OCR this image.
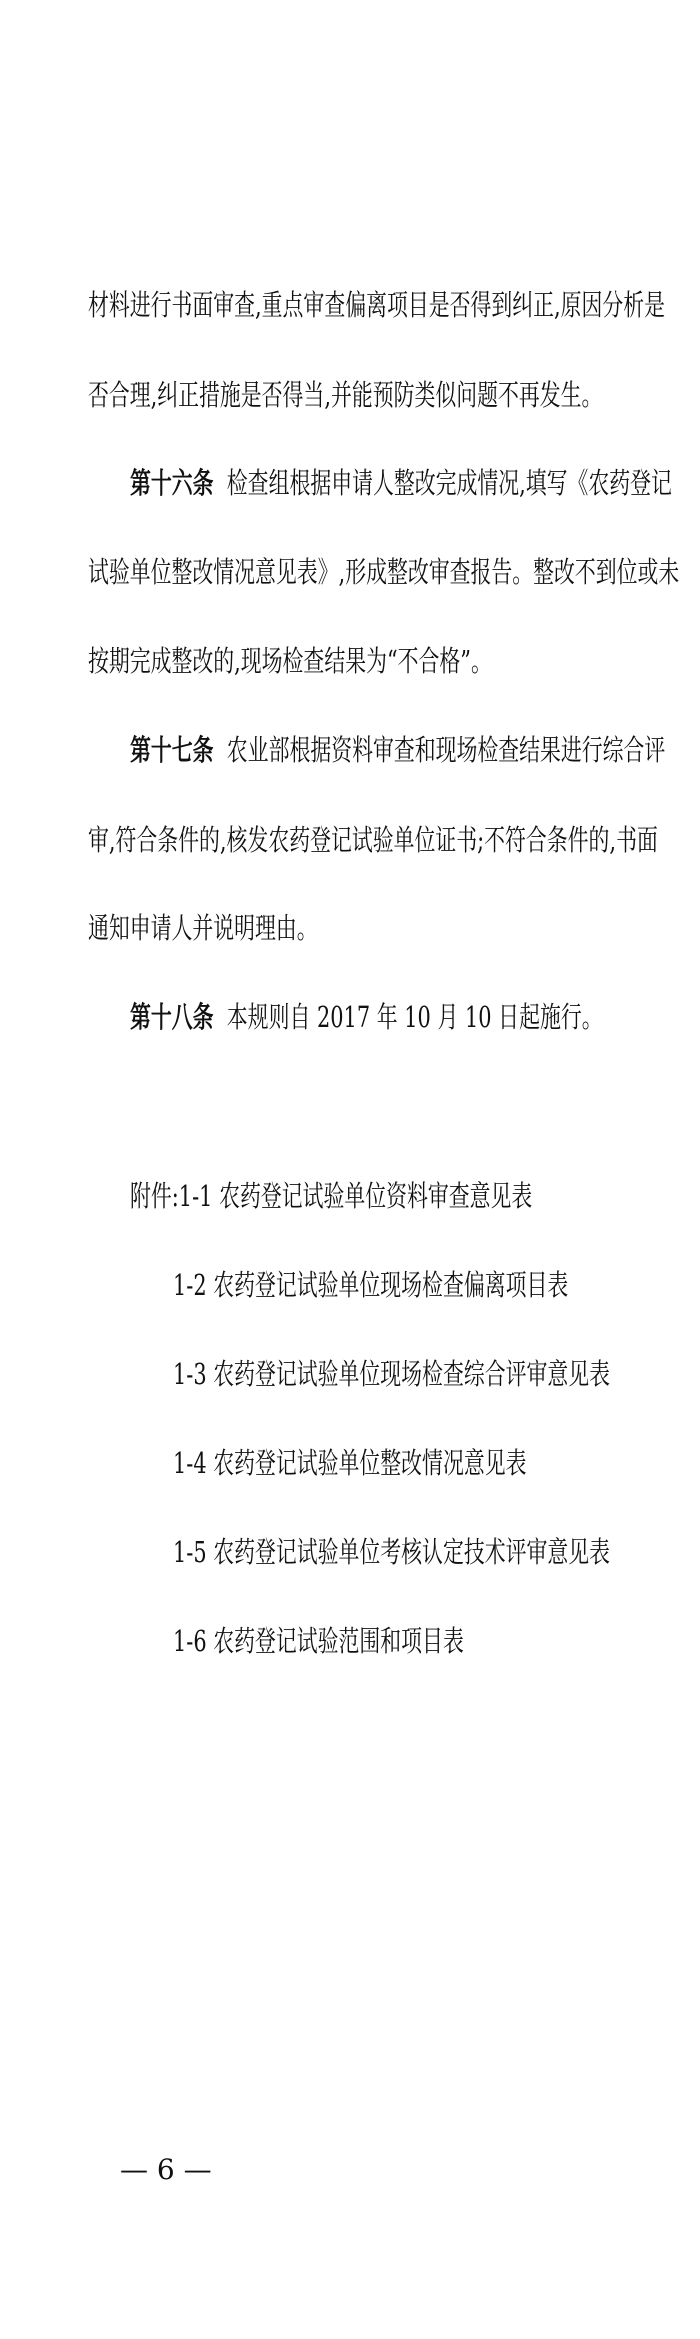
材料进行书面审查,重点审查偏离项目是否得到纠正,原因分析是
否合理,纠正措施是否得当,并能预防类似问题不再发生。
第十六条 检查组根据申请人整改完成情况,填写《农药登记
试验单位整改情况意见表》,形成整改审查报告。整改不到位或未
按期完成整改的,现场检查结果为“不合格”。
第十七条 农业部根据资料审查和现场检查结果进行综合评
审,符合条件的,核发农药登记试验单位证书;不符合条件的,书面
通知申请人并说明理由。
第十八条 本规则自 2017 年 10 月 10 日起施行。
附件:1-1 农药登记试验单位资料审查意见表
1-2 农药登记试验单位现场检查偏离项目表
1-3 农药登记试验单位现场检查综合评审意见表
1-4 农药登记试验单位整改情况意见表
1-5 农药登记试验单位考核认定技术评审意见表
1-6 农药登记试验范围和项目表
— 6 —
